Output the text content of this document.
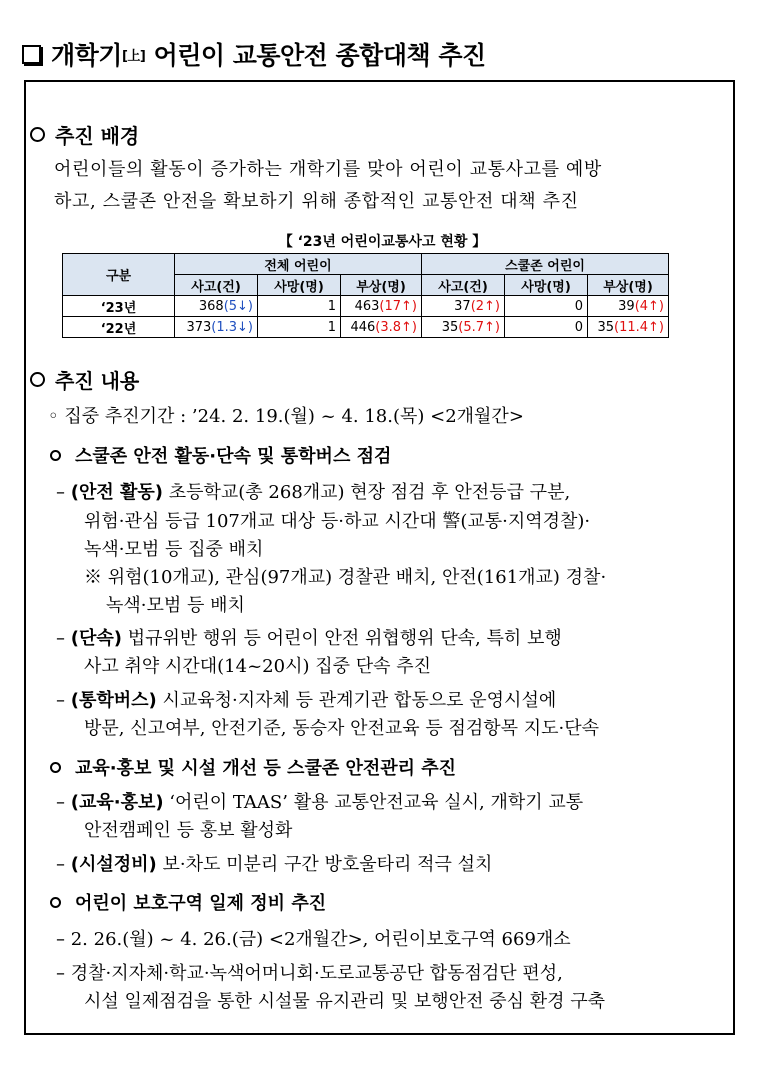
개학기 [上]
어린이 교통안전 종합대책 추진
추진 배경
어린이들의 활동이 증가하는 개학기를 맞아 어린이 교통사고를 예방
하고, 스쿨존 안전을 확보하기 위해 종합적인 교통안전 대책 추진
【 ‘23년 어린이교통사고 현황 】
구분	전체 어린이			스쿨존 어린이		
	사고(건)	사망(명)	부상(명)	사고(건)	사망(명)	부상(명)
‘23년	368(5↓)	1	463(17↑)	37(2↑)	0	39(4↑)
‘22년	373(1.3↓)	1	446(3.8↑)	35(5.7↑)	0	35(11.4↑)
추진 내용
◦ 집중 추진기간 : ’24. 2. 19.(월) ~ 4. 18.(목) <2개월간>
스쿨존 안전 활동·단속 및 통학버스 점검
– (안전 활동) 초등학교(총 268개교) 현장 점검 후 안전등급 구분,
위험·관심 등급 107개교 대상 등·하교 시간대 警(교통·지역경찰)·
녹색·모범 등 집중 배치
※ 위험(10개교), 관심(97개교) 경찰관 배치, 안전(161개교) 경찰·
녹색·모범 등 배치
– (단속) 법규위반 행위 등 어린이 안전 위협행위 단속, 특히 보행
사고 취약 시간대(14~20시) 집중 단속 추진
– (통학버스) 시교육청·지자체 등 관계기관 합동으로 운영시설에
방문, 신고여부, 안전기준, 동승자 안전교육 등 점검항목 지도·단속
교육·홍보 및 시설 개선 등 스쿨존 안전관리 추진
– (교육·홍보) ‘어린이 TAAS’ 활용 교통안전교육 실시, 개학기 교통
안전캠페인 등 홍보 활성화
– (시설정비) 보·차도 미분리 구간 방호울타리 적극 설치
어린이 보호구역 일제 정비 추진
– 2. 26.(월) ~ 4. 26.(금) <2개월간>, 어린이보호구역 669개소
– 경찰·지자체·학교·녹색어머니회·도로교통공단 합동점검단 편성,
시설 일제점검을 통한 시설물 유지관리 및 보행안전 중심 환경 구축
